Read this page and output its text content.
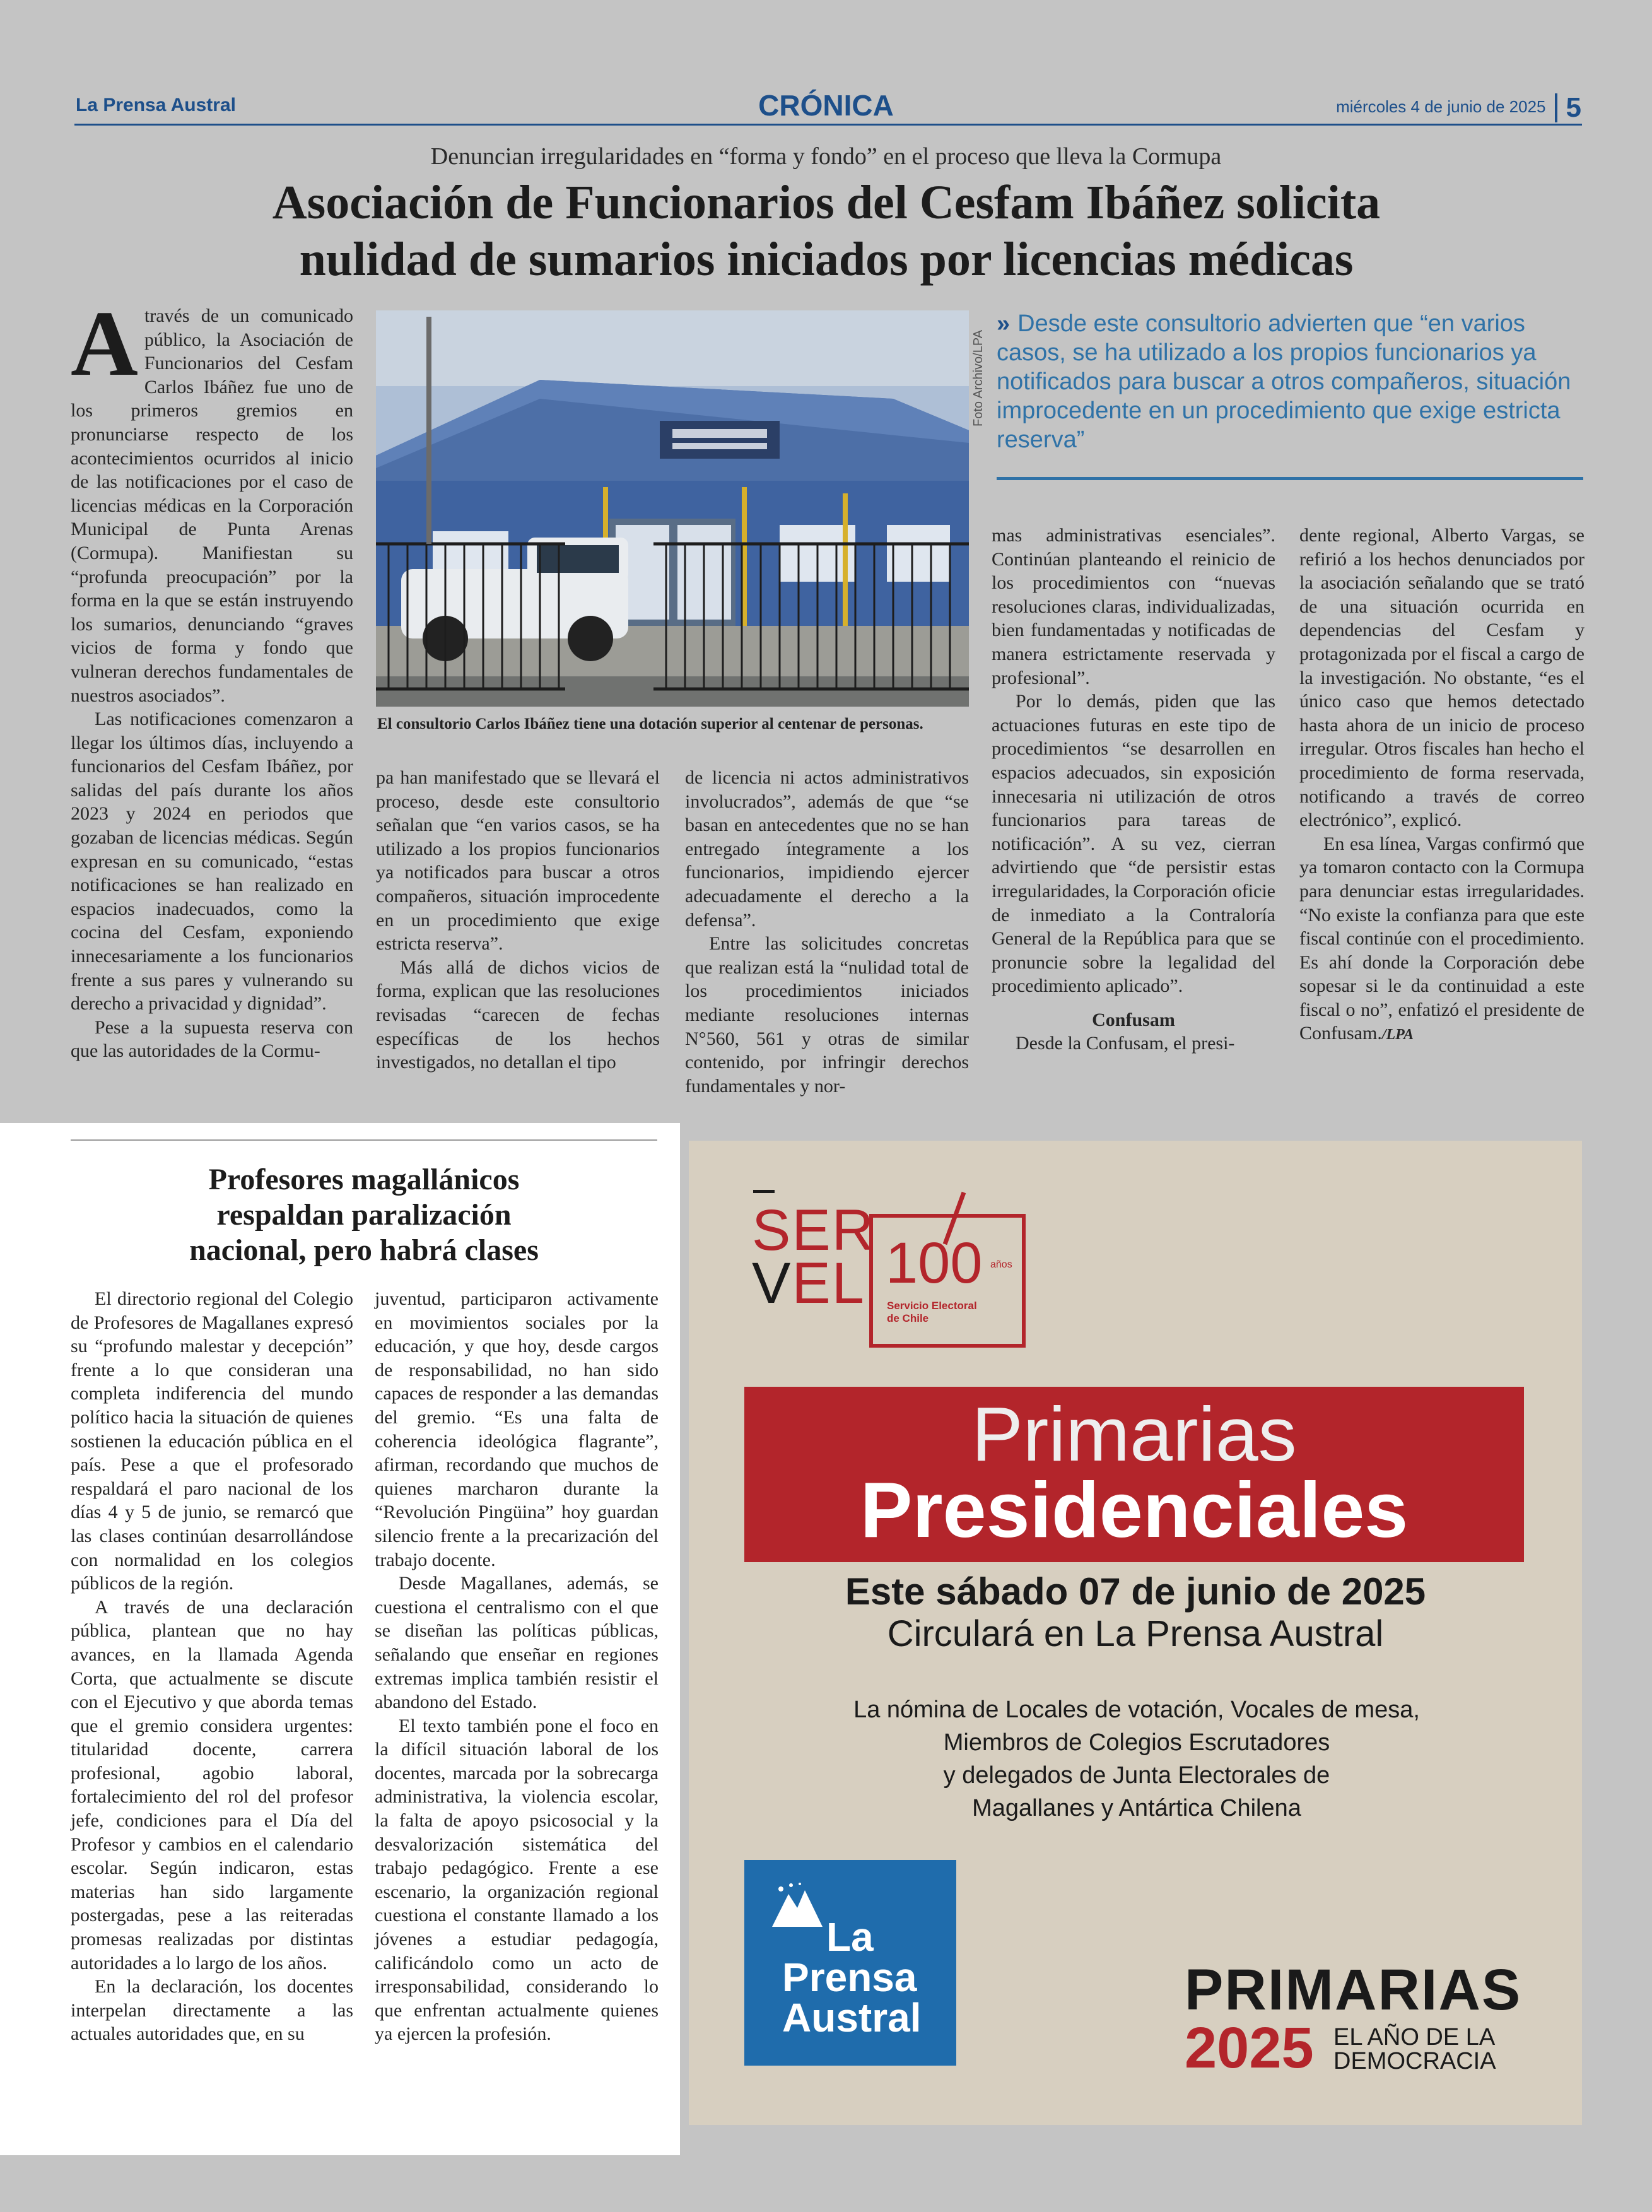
La Prensa Austral	CRÓNICA	miércoles 4 de junio de 2025 5
Denuncian irregularidades en “forma y fondo” en el proceso que lleva la Cormupa
Asociación de Funcionarios del Cesfam Ibáñez solicita
nulidad de sumarios iniciados por licencias médicas

Através de un comunicado público, la Asociación de Funcionarios del Cesfam Carlos Ibáñez fue uno de los primeros gremios en pronunciarse respecto de los acontecimientos ocurridos al inicio de las notificaciones por el caso de licencias médicas en la Corporación Municipal de Punta Arenas (Cormupa). Manifiestan su “profunda preocupación” por la forma en la que se están instruyendo los sumarios, denunciando “graves vicios de forma y fondo que vulneran derechos fundamentales de nuestros asociados”.

Las notificaciones comenzaron a llegar los últimos días, incluyendo a funcionarios del Cesfam Ibáñez, por salidas del país durante los años 2023 y 2024 en periodos que gozaban de licencias médicas. Según expresan en su comunicado, “estas notificaciones se han realizado en espacios inadecuados, como la cocina del Cesfam, exponiendo innecesariamente a los funcionarios frente a sus pares y vulnerando su derecho a privacidad y dignidad”.

Pese a la supuesta reserva con que las autoridades de la Cormu-

Foto Archivo/LPA
El consultorio Carlos Ibáñez tiene una dotación superior al centenar de personas.
» Desde este consultorio advierten que “en varios casos, se ha utilizado a los propios funcionarios ya notificados para buscar a otros compañeros, situación improcedente en un procedimiento que exige estricta reserva”

pa han manifestado que se llevará el proceso, desde este consultorio señalan que “en varios casos, se ha utilizado a los propios funcionarios ya notificados para buscar a otros compañeros, situación improcedente en un procedimiento que exige estricta reserva”.

Más allá de dichos vicios de forma, explican que las resoluciones revisadas “carecen de fechas específicas de los hechos investigados, no detallan el tipo

de licencia ni actos administrativos involucrados”, además de que “se basan en antecedentes que no se han entregado íntegramente a los funcionarios, impidiendo ejercer adecuadamente el derecho a la defensa”.

Entre las solicitudes concretas que realizan está la “nulidad total de los procedimientos iniciados mediante resoluciones internas N°560, 561 y otras de similar contenido, por infringir derechos fundamentales y nor-

mas administrativas esenciales”. Continúan planteando el reinicio de los procedimientos con “nuevas resoluciones claras, individualizadas, bien fundamentadas y notificadas de manera estrictamente reservada y profesional”.

Por lo demás, piden que las actuaciones futuras en este tipo de procedimientos “se desarrollen en espacios adecuados, sin exposición innecesaria ni utilización de otros funcionarios para tareas de notificación”. A su vez, cierran advirtiendo que “de persistir estas irregularidades, la Corporación oficie de inmediato a la Contraloría General de la República para que se pronuncie sobre la legalidad del procedimiento aplicado”.

Confusam

Desde la Confusam, el presi-

dente regional, Alberto Vargas, se refirió a los hechos denunciados por la asociación señalando que se trató de una situación ocurrida en dependencias del Cesfam y protagonizada por el fiscal a cargo de la investigación. No obstante, “es el único caso que hemos detectado hasta ahora de un inicio de proceso irregular. Otros fiscales han hecho el procedimiento de forma reservada, notificando a través de correo electrónico”, explicó.

En esa línea, Vargas confirmó que ya tomaron contacto con la Cormupa para denunciar estas irregularidades. “No existe la confianza para que este fiscal continúe con el procedimiento. Es ahí donde la Corporación debe sopesar si le da continuidad a este fiscal o no”, enfatizó el presidente de Confusam./LPA

Profesores magallánicos
respaldan paralización
nacional, pero habrá clases

El directorio regional del Colegio de Profesores de Magallanes expresó su “profundo malestar y decepción” frente a lo que consideran una completa indiferencia del mundo político hacia la situación de quienes sostienen la educación pública en el país. Pese a que el profesorado respaldará el paro nacional de los días 4 y 5 de junio, se remarcó que las clases continúan desarrollándose con normalidad en los colegios públicos de la región.

A través de una declaración pública, plantean que no hay avances, en la llamada Agenda Corta, que actualmente se discute con el Ejecutivo y que aborda temas que el gremio considera urgentes: titularidad docente, carrera profesional, agobio laboral, fortalecimiento del rol del profesor jefe, condiciones para el Día del Profesor y cambios en el calendario escolar. Según indicaron, estas materias han sido largamente postergadas, pese a las reiteradas promesas realizadas por distintas autoridades a lo largo de los años.

En la declaración, los docentes interpelan directamente a las actuales autoridades que, en su

juventud, participaron activamente en movimientos sociales por la educación, y que hoy, desde cargos de responsabilidad, no han sido capaces de responder a las demandas del gremio. “Es una falta de coherencia ideológica flagrante”, afirman, recordando que muchos de quienes marcharon durante la “Revolución Pingüina” hoy guardan silencio frente a la precarización del trabajo docente.

Desde Magallanes, además, se cuestiona el centralismo con el que se diseñan las políticas públicas, señalando que enseñar en regiones extremas implica también resistir el abandono del Estado.

El texto también pone el foco en la difícil situación laboral de los docentes, marcada por la sobrecarga administrativa, la violencia escolar, la falta de apoyo psicosocial y la desvalorización sistemática del trabajo pedagógico. Frente a ese escenario, la organización regional cuestiona el constante llamado a los jóvenes a estudiar pedagogía, calificándolo como un acto de irresponsabilidad, considerando lo que enfrentan actualmente quienes ya ejercen la profesión.

SER
VEL 100 años
Servicio Electoral
de Chile
Primarias
Presidenciales
Este sábado 07 de junio de 2025
Circulará en La Prensa Austral
La nómina de Locales de votación, Vocales de mesa,
Miembros de Colegios Escrutadores
y delegados de Junta Electorales de
Magallanes y Antártica Chilena
La
Prensa
Austral	PRIMARIAS
2025 EL AÑO DE LA
DEMOCRACIA
